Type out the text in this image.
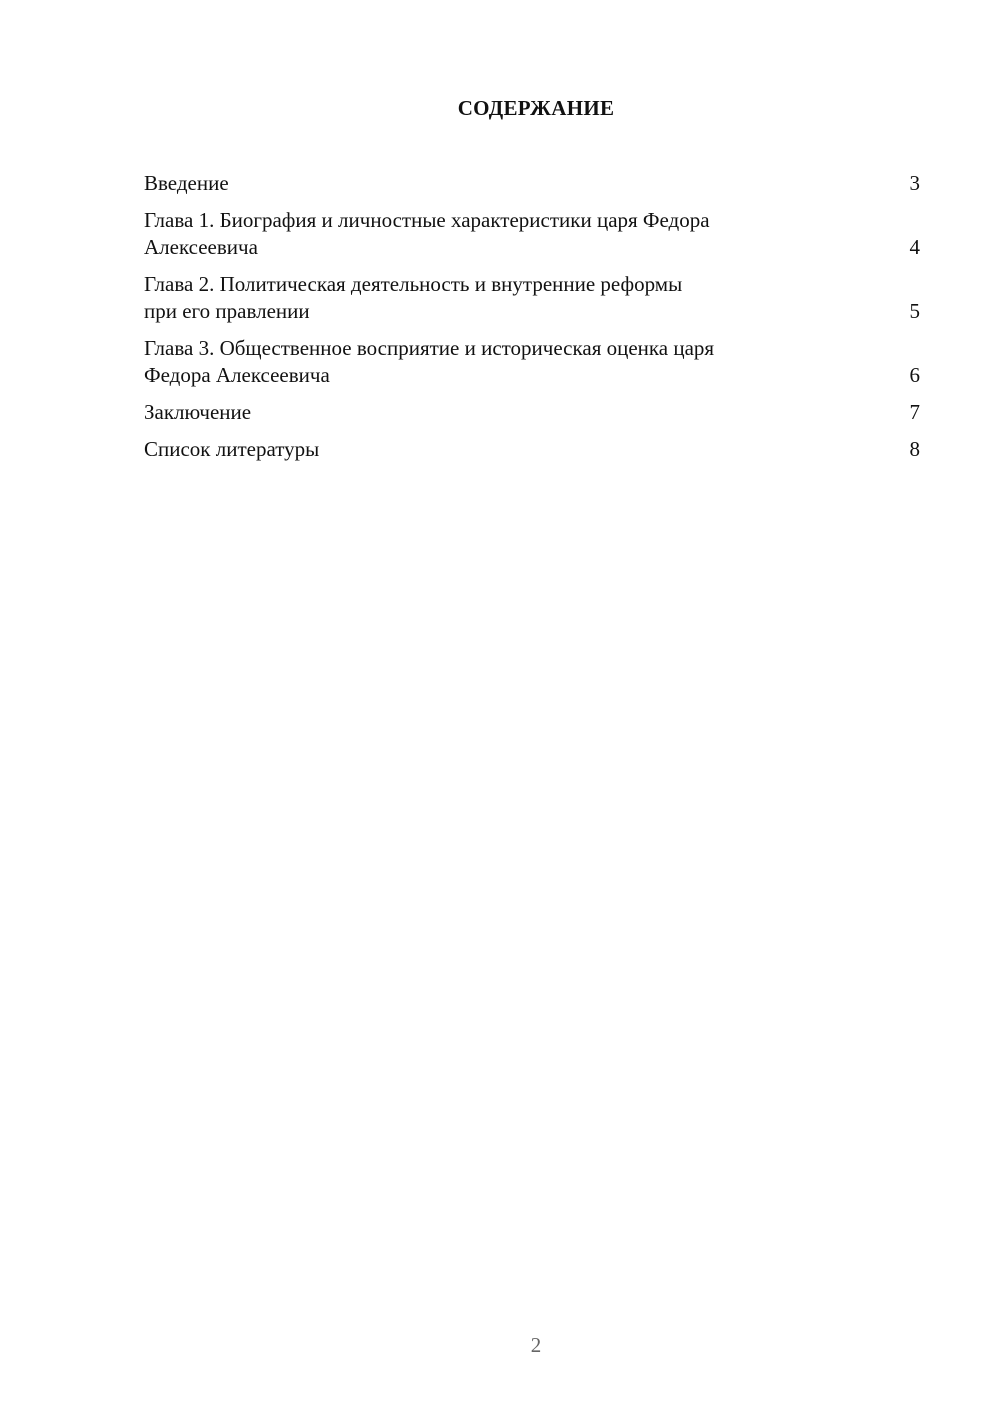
СОДЕРЖАНИЕ
Введение	3
Глава 1. Биография и личностные характеристики царя Федора
Алексеевича	4
Глава 2. Политическая деятельность и внутренние реформы
при его правлении	5
Глава 3. Общественное восприятие и историческая оценка царя
Федора Алексеевича	6
Заключение	7
Список литературы	8
2
